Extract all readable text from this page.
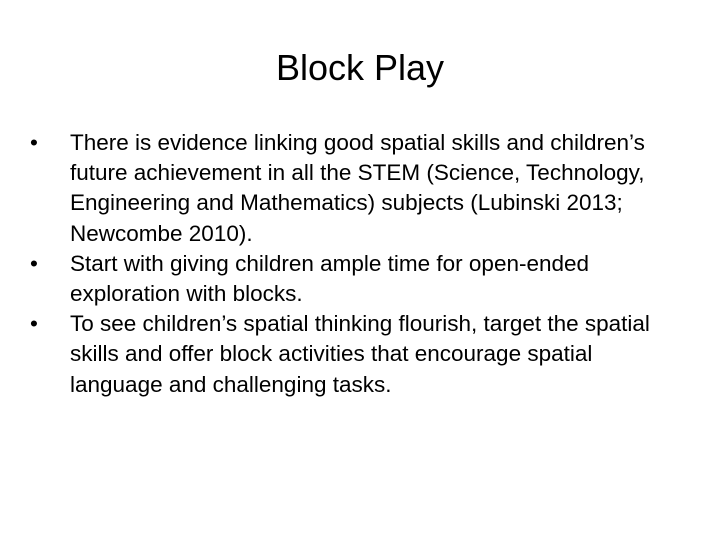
Block Play
• There is evidence linking good spatial skills and children’s future achievement in all the STEM (Science, Technology, Engineering and Mathematics) subjects (Lubinski 2013; Newcombe 2010).
• Start with giving children ample time for open-ended exploration with blocks.
• To see children’s spatial thinking flourish, target the spatial skills and offer block activities that encourage spatial language and challenging tasks.
